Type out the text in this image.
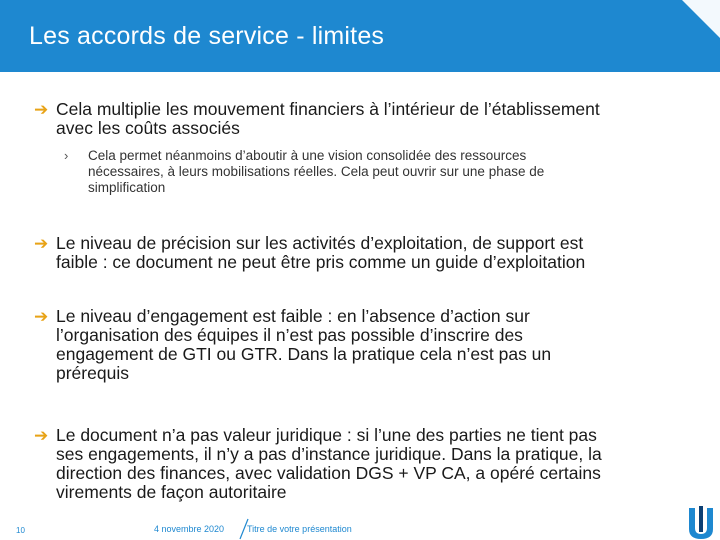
Les accords de service - limites
➔ Cela multiplie les mouvement financiers à l’intérieur de l’établissement
avec les coûts associés
›	Cela permet néanmoins d’aboutir à une vision consolidée des ressources
nécessaires, à leurs mobilisations réelles. Cela peut ouvrir sur une phase de
simplification
➔ Le niveau de précision sur les activités d’exploitation, de support est
faible : ce document ne peut être pris comme un guide d’exploitation
➔ Le niveau d’engagement est faible : en l’absence d’action sur
l’organisation des équipes il n’est pas possible d’inscrire des
engagement de GTI ou GTR. Dans la pratique cela n’est pas un
prérequis
➔ Le document n’a pas valeur juridique : si l’une des parties ne tient pas
ses engagements, il n’y a pas d’instance juridique. Dans la pratique, la
direction des finances, avec validation DGS + VP CA, a opéré certains
virements de façon autoritaire
10	4 novembre 2020	Titre de votre présentation
